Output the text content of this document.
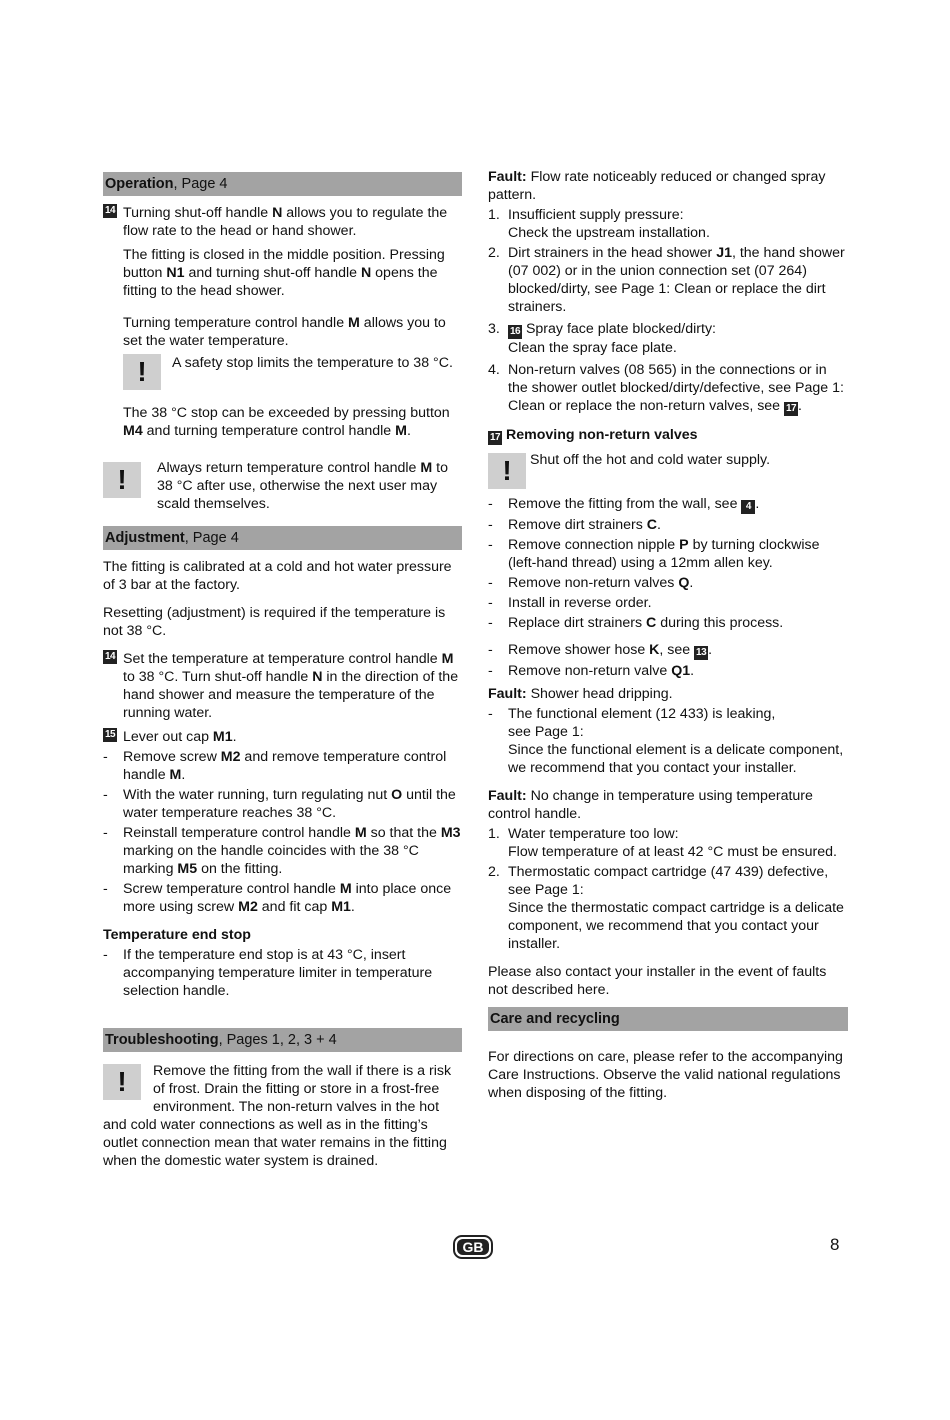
Operation, Page 4
14 Turning shut-off handle N allows you to regulate the flow rate to the head or hand shower.

The fitting is closed in the middle position. Pressing button N1 and turning shut-off handle N opens the fitting to the head shower.

Turning temperature control handle M allows you to set the water temperature.

!
A safety stop limits the temperature to 38 °C.

The 38 °C stop can be exceeded by pressing button M4 and turning temperature control handle M.

!
Always return temperature control handle M to 38 °C after use, otherwise the next user may scald themselves.
Adjustment, Page 4

The fitting is calibrated at a cold and hot water pressure of 3 bar at the factory.

Resetting (adjustment) is required if the temperature is not 38 °C.

14 Set the temperature at temperature control handle M to 38 °C. Turn shut-off handle N in the direction of the hand shower and measure the temperature of the running water.
15 Lever out cap M1.
- Remove screw M2 and remove temperature control handle M.
- With the water running, turn regulating nut O until the water temperature reaches 38 °C.
- Reinstall temperature control handle M so that the M3 marking on the handle coincides with the 38 °C marking M5 on the fitting.
- Screw temperature control handle M into place once more using screw M2 and fit cap M1.

Temperature end stop

- If the temperature end stop is at 43 °C, insert accompanying temperature limiter in temperature selection handle.
Troubleshooting, Pages 1, 2, 3 + 4

!
Remove the fitting from the wall if there is a risk of frost. Drain the fitting or store in a frost-free environment. The non-return valves in the hot and cold water connections as well as in the fitting’s outlet connection mean that water remains in the fitting when the domestic water system is drained.

Fault: Flow rate noticeably reduced or changed spray pattern.

1. Insufficient supply pressure:
Check the upstream installation.
2. Dirt strainers in the head shower J1, the hand shower (07 002) or in the union connection set (07 264) blocked/dirty, see Page 1: Clean or replace the dirt strainers.
3. 16 Spray face plate blocked/dirty:
Clean the spray face plate.
4. Non-return valves (08 565) in the connections or in the shower outlet blocked/dirty/defective, see Page 1: Clean or replace the non-return valves, see 17 .

17 Removing non-return valves

!
Shut off the hot and cold water supply.
- Remove the fitting from the wall, see 4 .
- Remove dirt strainers C.
- Remove connection nipple P by turning clockwise (left-hand thread) using a 12mm allen key.
- Remove non-return valves Q.
- Install in reverse order.
- Replace dirt strainers C during this process.
- Remove shower hose K, see 13 .
- Remove non-return valve Q1.

Fault: Shower head dripping.

- The functional element (12 433) is leaking,
see Page 1:
Since the functional element is a delicate component, we recommend that you contact your installer.

Fault: No change in temperature using temperature control handle.

1. Water temperature too low:
Flow temperature of at least 42 °C must be ensured.
2. Thermostatic compact cartridge (47 439) defective,
see Page 1:
Since the thermostatic compact cartridge is a delicate component, we recommend that you contact your installer.

Please also contact your installer in the event of faults not described here.

Care and recycling

For directions on care, please refer to the accompanying Care Instructions. Observe the valid national regulations when disposing of the fitting.

GB	8
